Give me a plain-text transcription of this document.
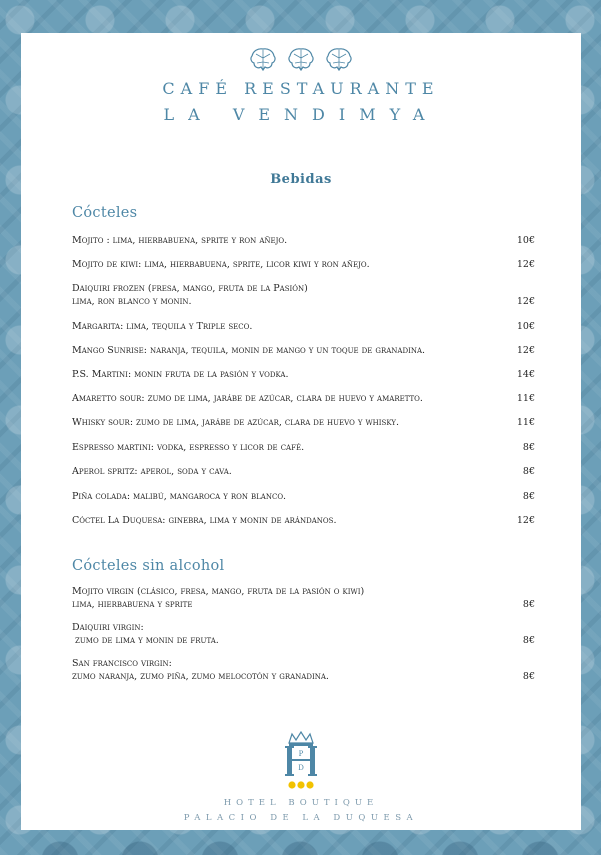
CAFÉ RESTAURANTE
LA VENDIMYA
Bebidas
Cócteles
Mojito : lima, hierbabuena, sprite y ron añejo.	10€
Mojito de kiwi: lima, hierbabuena, sprite, licor kiwi y ron añejo.	12€
Daiquiri frozen (fresa, mango, fruta de la Pasión)
lima, ron blanco y monin.	12€
Margarita: lima, tequila y Triple seco.	10€
Mango Sunrise: naranja, tequila, monin de mango y un toque de granadina.	12€
P.S. Martini: monin fruta de la pasión y vodka.	14€
Amaretto sour: zumo de lima, jarábe de azúcar, clara de huevo y amaretto.	11€
Whisky sour: zumo de lima, jarábe de azúcar, clara de huevo y whisky.	11€
Espresso martini: vodka, espresso y licor de café.	8€
Aperol spritz: aperol, soda y cava.	8€
Piña colada: malibú, mangaroca y ron blanco.	8€
Cóctel La Duquesa: ginebra, lima y monin de arándanos.	12€
Cócteles sin alcohol
Mojito virgin (clásico, fresa, mango, fruta de la pasión o kiwi)
lima, hierbabuena y sprite	8€
Daiquiri virgin:
zumo de lima y monin de fruta.	8€
San francisco virgin:
zumo naranja, zumo piña, zumo melocotón y granadina.	8€
P
D
H
HOTEL BOUTIQUE
PALACIO DE LA DUQUESA
